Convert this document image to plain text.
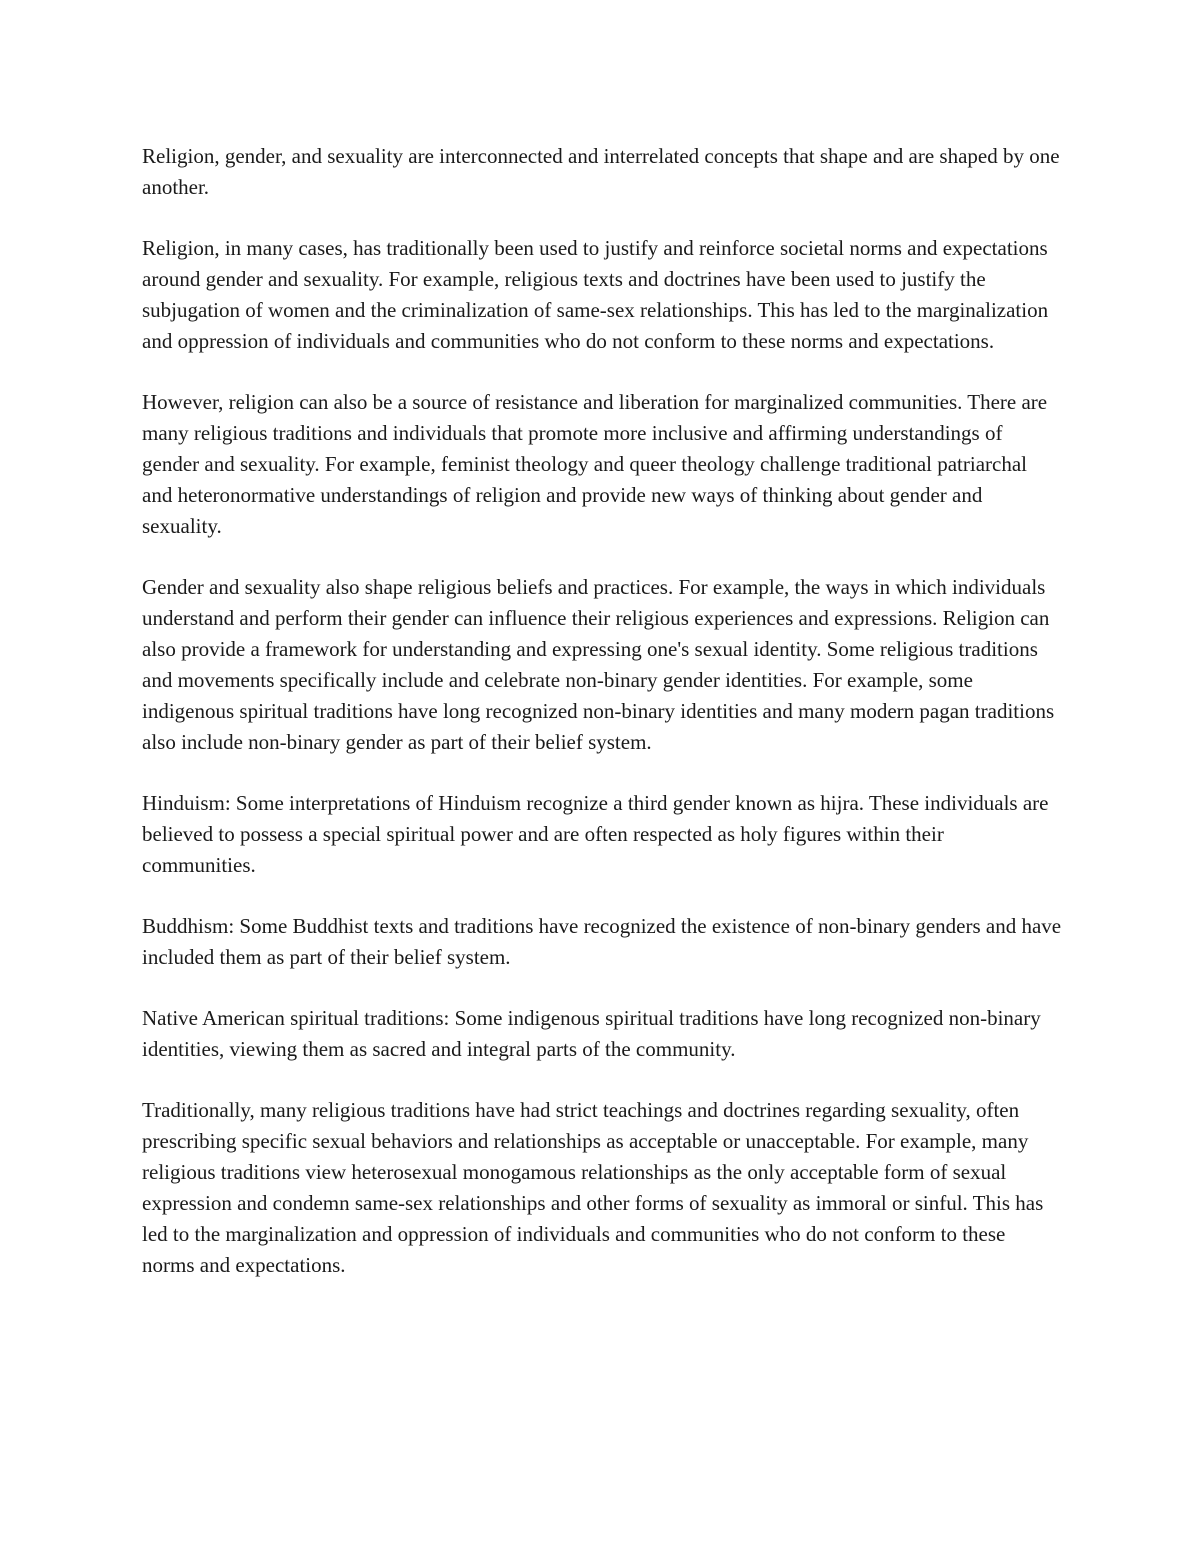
Religion, gender, and sexuality are interconnected and interrelated concepts that shape and are shaped by one another.

Religion, in many cases, has traditionally been used to justify and reinforce societal norms and expectations around gender and sexuality. For example, religious texts and doctrines have been used to justify the subjugation of women and the criminalization of same-sex relationships. This has led to the marginalization and oppression of individuals and communities who do not conform to these norms and expectations.

However, religion can also be a source of resistance and liberation for marginalized communities. There are many religious traditions and individuals that promote more inclusive and affirming understandings of gender and sexuality. For example, feminist theology and queer theology challenge traditional patriarchal and heteronormative understandings of religion and provide new ways of thinking about gender and sexuality.

Gender and sexuality also shape religious beliefs and practices. For example, the ways in which individuals understand and perform their gender can influence their religious experiences and expressions. Religion can also provide a framework for understanding and expressing one's sexual identity. Some religious traditions and movements specifically include and celebrate non-binary gender identities. For example, some indigenous spiritual traditions have long recognized non-binary identities and many modern pagan traditions also include non-binary gender as part of their belief system.

Hinduism: Some interpretations of Hinduism recognize a third gender known as hijra. These individuals are believed to possess a special spiritual power and are often respected as holy figures within their communities.

Buddhism: Some Buddhist texts and traditions have recognized the existence of non-binary genders and have included them as part of their belief system.

Native American spiritual traditions: Some indigenous spiritual traditions have long recognized non-binary identities, viewing them as sacred and integral parts of the community.

Traditionally, many religious traditions have had strict teachings and doctrines regarding sexuality, often prescribing specific sexual behaviors and relationships as acceptable or unacceptable. For example, many religious traditions view heterosexual monogamous relationships as the only acceptable form of sexual expression and condemn same-sex relationships and other forms of sexuality as immoral or sinful. This has led to the marginalization and oppression of individuals and communities who do not conform to these norms and expectations.
